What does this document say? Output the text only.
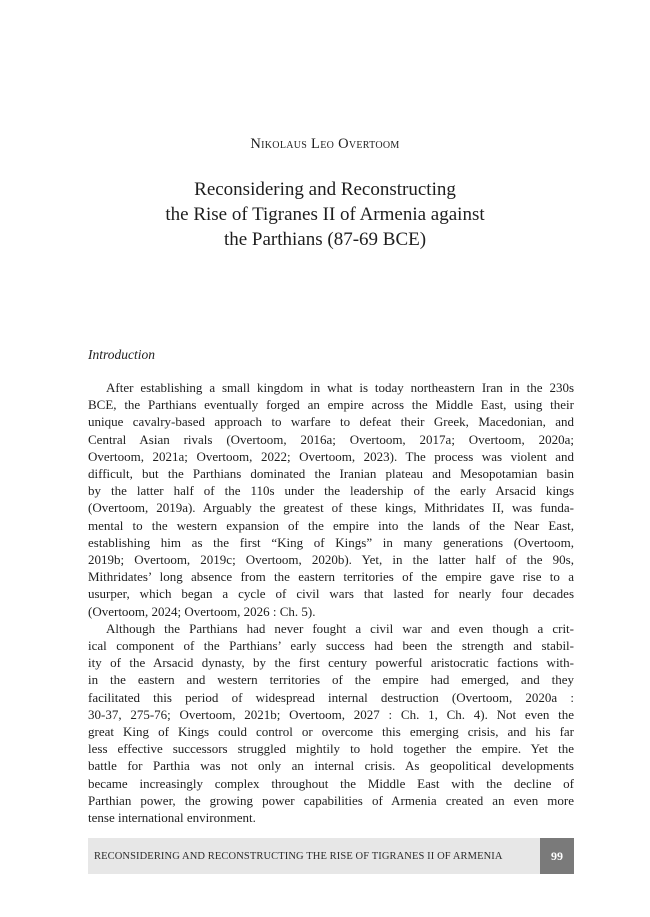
Nikolaus Leo Overtoom
Reconsidering and Reconstructing
the Rise of Tigranes II of Armenia against
the Parthians (87-69 BCE)
Introduction

After establishing a small kingdom in what is today northeastern Iran in the 230s
BCE, the Parthians eventually forged an empire across the Middle East, using their
unique cavalry-based approach to warfare to defeat their Greek, Macedonian, and
Central Asian rivals (Overtoom, 2016a; Overtoom, 2017a; Overtoom, 2020a;
Overtoom, 2021a; Overtoom, 2022; Overtoom, 2023). The process was violent and
difficult, but the Parthians dominated the Iranian plateau and Mesopotamian basin
by the latter half of the 110s under the leadership of the early Arsacid kings
(Overtoom, 2019a). Arguably the greatest of these kings, Mithridates II, was funda-
mental to the western expansion of the empire into the lands of the Near East,
establishing him as the first “King of Kings” in many generations (Overtoom,
2019b; Overtoom, 2019c; Overtoom, 2020b). Yet, in the latter half of the 90s,
Mithridates’ long absence from the eastern territories of the empire gave rise to a
usurper, which began a cycle of civil wars that lasted for nearly four decades
(Overtoom, 2024; Overtoom, 2026 : Ch. 5).

Although the Parthians had never fought a civil war and even though a crit-
ical component of the Parthians’ early success had been the strength and stabil-
ity of the Arsacid dynasty, by the first century powerful aristocratic factions with-
in the eastern and western territories of the empire had emerged, and they
facilitated this period of widespread internal destruction (Overtoom, 2020a :
30-37, 275-76; Overtoom, 2021b; Overtoom, 2027 : Ch. 1, Ch. 4). Not even the
great King of Kings could control or overcome this emerging crisis, and his far
less effective successors struggled mightily to hold together the empire. Yet the
battle for Parthia was not only an internal crisis. As geopolitical developments
became increasingly complex throughout the Middle East with the decline of
Parthian power, the growing power capabilities of Armenia created an even more
tense international environment.

RECONSIDERING AND RECONSTRUCTING THE RISE OF TIGRANES II OF ARMENIA	99
